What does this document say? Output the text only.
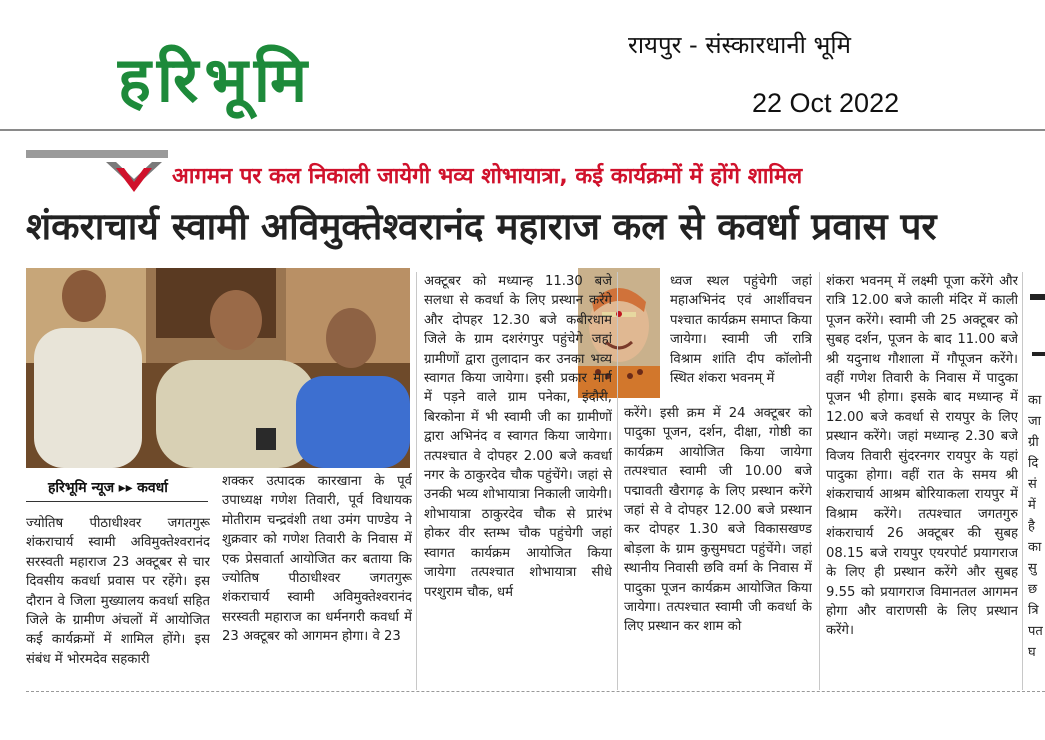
हरिभूमि	रायपुर - संस्कारधानी भूमि
22 Oct 2022
आगमन पर कल निकाली जायेगी भव्य शोभायात्रा, कई कार्यक्रमों में होंगे शामिल
शंकराचार्य स्वामी अविमुक्तेश्वरानंद महाराज कल से कवर्धा प्रवास पर
हरिभूमि न्यूज ▸▸ कवर्धा

ज्योतिष पीठाधीश्वर जगतगुरू शंकराचार्य स्वामी अविमुक्तेश्वरानंद सरस्वती महाराज 23 अक्टूबर से चार दिवसीय कवर्धा प्रवास पर रहेंगे। इस दौरान वे जिला मुख्यालय कवर्धा सहित जिले के ग्रामीण अंचलों में आयोजित कई कार्यक्रमों में शामिल होंगे। इस संबंध में भोरमदेव सहकारी

शक्कर उत्पादक कारखाना के पूर्व उपाध्यक्ष गणेश तिवारी, पूर्व विधायक मोतीराम चन्द्रवंशी तथा उमंग पाण्डेय ने शुक्रवार को गणेश तिवारी के निवास में एक प्रेसवार्ता आयोजित कर बताया कि ज्योतिष पीठाधीश्वर जगतगुरू शंकराचार्य स्वामी अविमुक्तेश्वरानंद सरस्वती महाराज का धर्मनगरी कवर्धा में 23 अक्टूबर को आगमन होगा। वे 23

अक्टूबर को मध्यान्ह 11.30 बजे सलधा से कवर्धा के लिए प्रस्थान करेंगे और दोपहर 12.30 बजे कबीरधाम जिले के ग्राम दशरंगपुर पहुंचेगे जहां ग्रामीणों द्वारा तुलादान कर उनका भव्य स्वागत किया जायेगा। इसी प्रकार मार्ग में पड़ने वाले ग्राम पनेका, इंदौरी, बिरकोना में भी स्वामी जी का ग्रामीणों द्वारा अभिनंद व स्वागत किया जायेगा। तत्पश्चात वे दोपहर 2.00 बजे कवर्धा नगर के ठाकुरदेव चौक पहुंचेंगे। जहां से उनकी भव्य शोभायात्रा निकाली जायेगी। शोभायात्रा ठाकुरदेव चौक से प्रारंभ होकर वीर स्तम्भ चौक पहुंचेगी जहां स्वागत कार्यक्रम आयोजित किया जायेगा तत्पश्चात शोभायात्रा सीधे परशुराम चौक, धर्म

ध्वज स्थल पहुंचेगी जहां महाअभिनंद एवं आर्शीवचन पश्चात कार्यक्रम समाप्त किया जायेगा। स्वामी जी रात्रि विश्राम शांति दीप कॉलोनी स्थित शंकरा भवनम् में

करेंगे। इसी क्रम में 24 अक्टूबर को पादुका पूजन, दर्शन, दीक्षा, गोष्ठी का कार्यक्रम आयोजित किया जायेगा तत्पश्चात स्वामी जी 10.00 बजे पद्मावती खैरागढ़ के लिए प्रस्थान करेंगे जहां से वे दोपहर 12.00 बजे प्रस्थान कर दोपहर 1.30 बजे विकासखण्ड बोड़ला के ग्राम कुसुमघटा पहुंचेंगे। जहां स्थानीय निवासी छवि वर्मा के निवास में पादुका पूजन कार्यक्रम आयोजित किया जायेगा। तत्पश्चात स्वामी जी कवर्धा के लिए प्रस्थान कर शाम को

शंकरा भवनम् में लक्ष्मी पूजा करेंगे और रात्रि 12.00 बजे काली मंदिर में काली पूजन करेंगे। स्वामी जी 25 अक्टूबर को सुबह दर्शन, पूजन के बाद 11.00 बजे श्री यदुनाथ गौशाला में गौपूजन करेंगे। वहीं गणेश तिवारी के निवास में पादुका पूजन भी होगा। इसके बाद मध्यान्ह में 12.00 बजे कवर्धा से रायपुर के लिए प्रस्थान करेंगे। जहां मध्यान्ह 2.30 बजे विजय तिवारी सुंदरनगर रायपुर के यहां पादुका होगा। वहीं रात के समय श्री शंकराचार्य आश्रम बोरियाकला रायपुर में विश्राम करेंगे। तत्पश्चात जगतगुरु शंकराचार्य 26 अक्टूबर की सुबह 08.15 बजे रायपुर एयरपोर्ट प्रयागराज के लिए ही प्रस्थान करेंगे और सुबह 9.55 को प्रयागराज विमानतल आगमन होगा और वाराणसी के लिए प्रस्थान करेंगे।

का जा ग्री दि सं में है का सु छ त्रि पत घ
